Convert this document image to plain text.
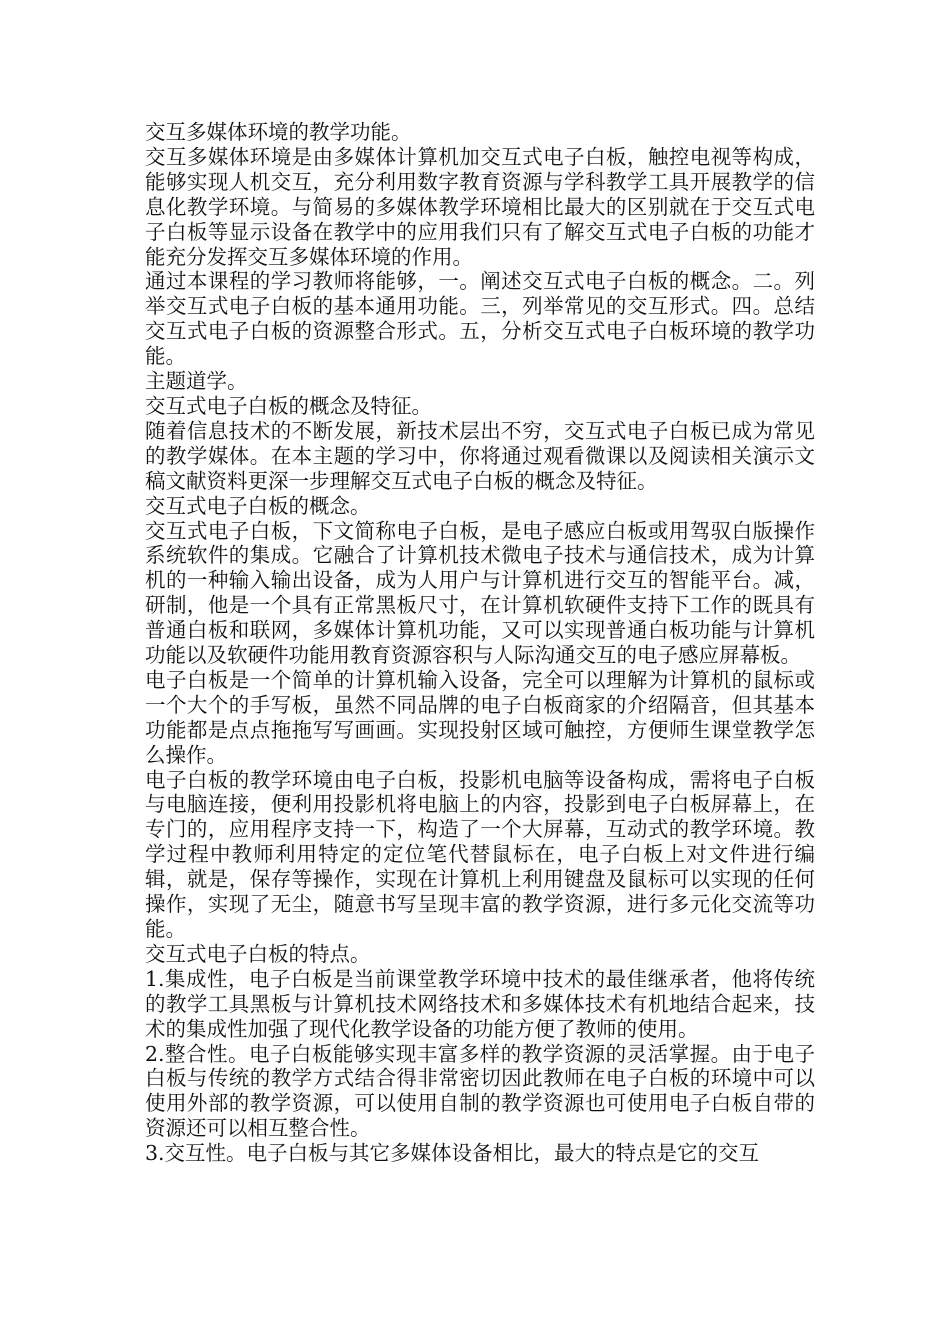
交互多媒体环境的教学功能。

交互多媒体环境是由多媒体计算机加交互式电子白板，触控电视等构成，能够实现人机交互，充分利用数字教育资源与学科教学工具开展教学的信息化教学环境。与简易的多媒体教学环境相比最大的区别就在于交互式电子白板等显示设备在教学中的应用我们只有了解交互式电子白板的功能才能充分发挥交互多媒体环境的作用。

通过本课程的学习教师将能够，一。阐述交互式电子白板的概念。二。列举交互式电子白板的基本通用功能。三，列举常见的交互形式。四。总结交互式电子白板的资源整合形式。五，分析交互式电子白板环境的教学功能。

主题道学。

交互式电子白板的概念及特征。

随着信息技术的不断发展，新技术层出不穷，交互式电子白板已成为常见的教学媒体。在本主题的学习中，你将通过观看微课以及阅读相关演示文稿文献资料更深一步理解交互式电子白板的概念及特征。

交互式电子白板的概念。

交互式电子白板，下文简称电子白板，是电子感应白板或用驾驭白版操作系统软件的集成。它融合了计算机技术微电子技术与通信技术，成为计算机的一种输入输出设备，成为人用户与计算机进行交互的智能平台。减，研制，他是一个具有正常黑板尺寸，在计算机软硬件支持下工作的既具有普通白板和联网，多媒体计算机功能，又可以实现普通白板功能与计算机功能以及软硬件功能用教育资源容积与人际沟通交互的电子感应屏幕板。

电子白板是一个简单的计算机输入设备，完全可以理解为计算机的鼠标或一个大个的手写板，虽然不同品牌的电子白板商家的介绍隔音，但其基本功能都是点点拖拖写写画画。实现投射区域可触控，方便师生课堂教学怎么操作。

电子白板的教学环境由电子白板，投影机电脑等设备构成，需将电子白板与电脑连接，便利用投影机将电脑上的内容，投影到电子白板屏幕上，在专门的，应用程序支持一下，构造了一个大屏幕，互动式的教学环境。教学过程中教师利用特定的定位笔代替鼠标在，电子白板上对文件进行编辑，就是，保存等操作，实现在计算机上利用键盘及鼠标可以实现的任何操作，实现了无尘，随意书写呈现丰富的教学资源，进行多元化交流等功能。

交互式电子白板的特点。

1.集成性，电子白板是当前课堂教学环境中技术的最佳继承者，他将传统的教学工具黑板与计算机技术网络技术和多媒体技术有机地结合起来，技术的集成性加强了现代化教学设备的功能方便了教师的使用。

2.整合性。电子白板能够实现丰富多样的教学资源的灵活掌握。由于电子白板与传统的教学方式结合得非常密切因此教师在电子白板的环境中可以使用外部的教学资源，可以使用自制的教学资源也可使用电子白板自带的资源还可以相互整合性。

3.交互性。电子白板与其它多媒体设备相比，最大的特点是它的交互
